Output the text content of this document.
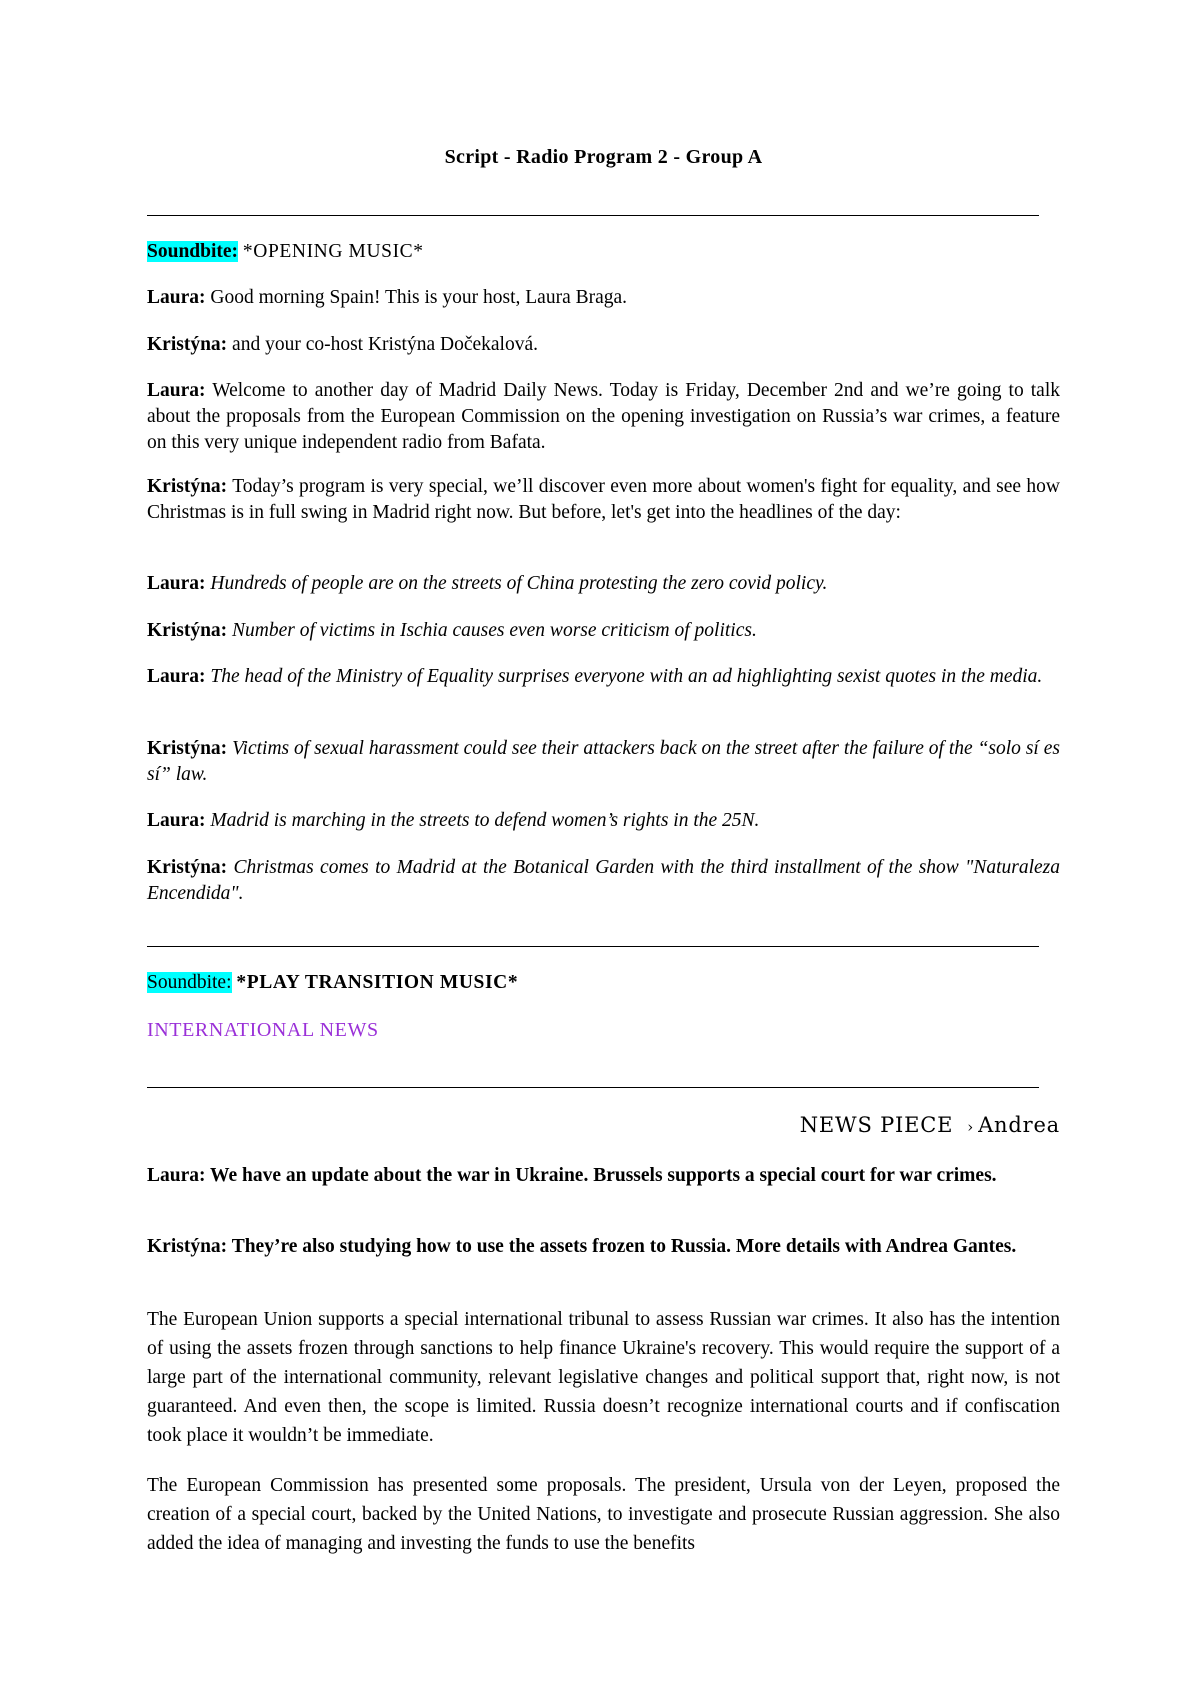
Script - Radio Program 2 - Group A
Soundbite: *OPENING MUSIC*
Laura: Good morning Spain! This is your host, Laura Braga.
Kristýna: and your co-host Kristýna Dočekalová.
Laura: Welcome to another day of Madrid Daily News. Today is Friday, December 2nd and we’re going to talk about the proposals from the European Commission on the opening investigation on Russia’s war crimes, a feature on this very unique independent radio from Bafata.
Kristýna: Today’s program is very special, we’ll discover even more about women's fight for equality, and see how Christmas is in full swing in Madrid right now. But before, let's get into the headlines of the day:
Laura: Hundreds of people are on the streets of China protesting the zero covid policy.
Kristýna: Number of victims in Ischia causes even worse criticism of politics.
Laura: The head of the Ministry of Equality surprises everyone with an ad highlighting sexist quotes in the media.
Kristýna: Victims of sexual harassment could see their attackers back on the street after the failure of the “solo sí es sí” law.
Laura: Madrid is marching in the streets to defend women’s rights in the 25N.
Kristýna: Christmas comes to Madrid at the Botanical Garden with the third installment of the show "Naturaleza Encendida".
Soundbite: *PLAY TRANSITION MUSIC*
INTERNATIONAL NEWS
NEWS PIECE › Andrea
Laura: We have an update about the war in Ukraine. Brussels supports a special court for war crimes.
Kristýna: They’re also studying how to use the assets frozen to Russia. More details with Andrea Gantes.
The European Union supports a special international tribunal to assess Russian war crimes. It also has the intention of using the assets frozen through sanctions to help finance Ukraine's recovery. This would require the support of a large part of the international community, relevant legislative changes and political support that, right now, is not guaranteed. And even then, the scope is limited. Russia doesn’t recognize international courts and if confiscation took place it wouldn’t be immediate.
The European Commission has presented some proposals. The president, Ursula von der Leyen, proposed the creation of a special court, backed by the United Nations, to investigate and prosecute Russian aggression. She also added the idea of managing and investing the funds to use the benefits
